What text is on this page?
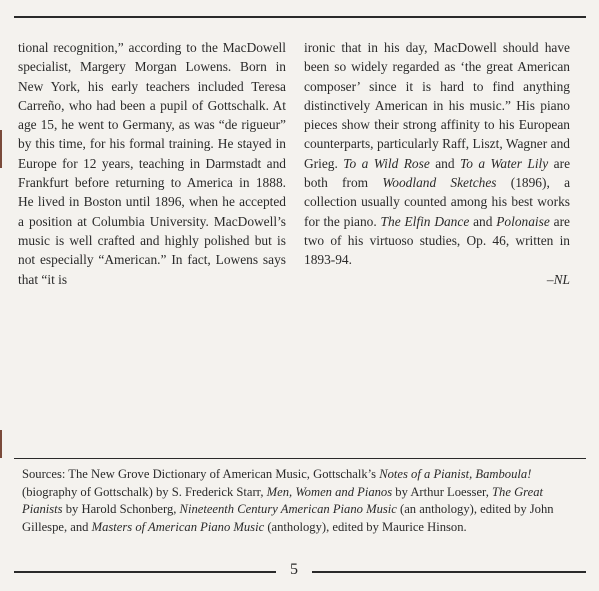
tional recognition,” according to the MacDowell specialist, Margery Morgan Lowens. Born in New York, his early teachers included Teresa Carreño, who had been a pupil of Gottschalk. At age 15, he went to Germany, as was “de rigueur” by this time, for his formal training. He stayed in Europe for 12 years, teaching in Darmstadt and Frankfurt before returning to America in 1888. He lived in Boston until 1896, when he accepted a position at Columbia University. MacDowell’s music is well crafted and highly polished but is not especially “American.” In fact, Lowens says that “it is

ironic that in his day, MacDowell should have been so widely regarded as ‘the great American composer’ since it is hard to find anything distinctively American in his music.” His piano pieces show their strong affinity to his European counterparts, particularly Raff, Liszt, Wagner and Grieg. To a Wild Rose and To a Water Lily are both from Woodland Sketches (1896), a collection usually counted among his best works for the piano. The Elfin Dance and Polonaise are two of his virtuoso studies, Op. 46, written in 1893-94.

–NL

Sources: The New Grove Dictionary of American Music, Gottschalk’s Notes of a Pianist, Bamboula! (biography of Gottschalk) by S. Frederick Starr, Men, Women and Pianos by Arthur Loesser, The Great Pianists by Harold Schonberg, Nineteenth Century American Piano Music (an anthology), edited by John Gillespe, and Masters of American Piano Music (anthology), edited by Maurice Hinson.

5
